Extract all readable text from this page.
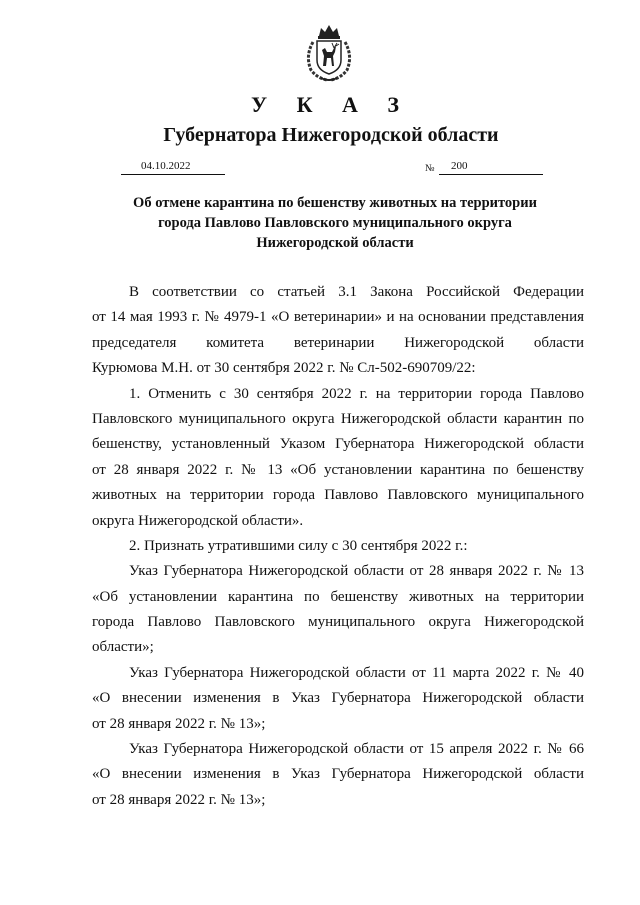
У К А З
Губернатора Нижегородской области
04.10.2022	№ 200
Об отмене карантина по бешенству животных на территории
города Павлово Павловского муниципального округа
Нижегородской области
В соответствии со статьей 3.1 Закона Российской Федерации
от 14 мая 1993 г. № 4979-1 «О ветеринарии» и на основании представления
председателя комитета ветеринарии Нижегородской области
Курюмова М.Н. от 30 сентября 2022 г. № Сл-502-690709/22:
1. Отменить с 30 сентября 2022 г. на территории города Павлово
Павловского муниципального округа Нижегородской области карантин по
бешенству, установленный Указом Губернатора Нижегородской области
от 28 января 2022 г. № 13 «Об установлении карантина по бешенству
животных на территории города Павлово Павловского муниципального
округа Нижегородской области».
2. Признать утратившими силу с 30 сентября 2022 г.:
Указ Губернатора Нижегородской области от 28 января 2022 г. № 13
«Об установлении карантина по бешенству животных на территории
города Павлово Павловского муниципального округа Нижегородской
области»;
Указ Губернатора Нижегородской области от 11 марта 2022 г. № 40
«О внесении изменения в Указ Губернатора Нижегородской области
от 28 января 2022 г. № 13»;
Указ Губернатора Нижегородской области от 15 апреля 2022 г. № 66
«О внесении изменения в Указ Губернатора Нижегородской области
от 28 января 2022 г. № 13»;
